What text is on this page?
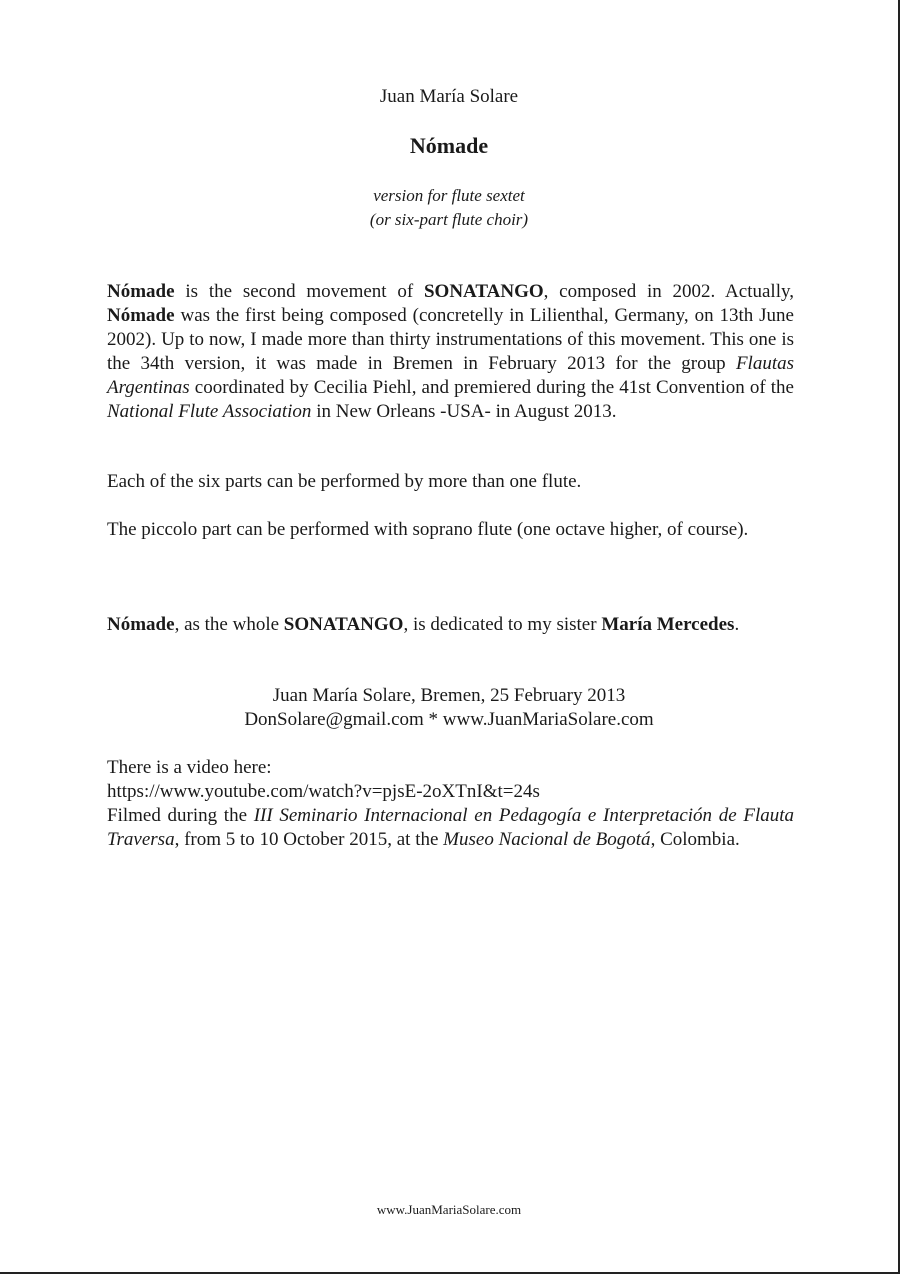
Juan María Solare
Nómade
version for flute sextet
(or six-part flute choir)
Nómade is the second movement of SONATANGO, composed in 2002. Actually, Nómade was the first being composed (concretelly in Lilienthal, Germany, on 13th June 2002). Up to now, I made more than thirty instrumentations of this movement. This one is the 34th version, it was made in Bremen in February 2013 for the group Flautas Argentinas coordinated by Cecilia Piehl, and premiered during the 41st Convention of the National Flute Association in New Orleans -USA- in August 2013.
Each of the six parts can be performed by more than one flute.
The piccolo part can be performed with soprano flute (one octave higher, of course).
Nómade, as the whole SONATANGO, is dedicated to my sister María Mercedes.
Juan María Solare, Bremen, 25 February 2013
DonSolare@gmail.com * www.JuanMariaSolare.com
There is a video here:
https://www.youtube.com/watch?v=pjsE-2oXTnI&t=24s
Filmed during the III Seminario Internacional en Pedagogía e Interpretación de Flauta Traversa, from 5 to 10 October 2015, at the Museo Nacional de Bogotá, Colombia.
www.JuanMariaSolare.com
